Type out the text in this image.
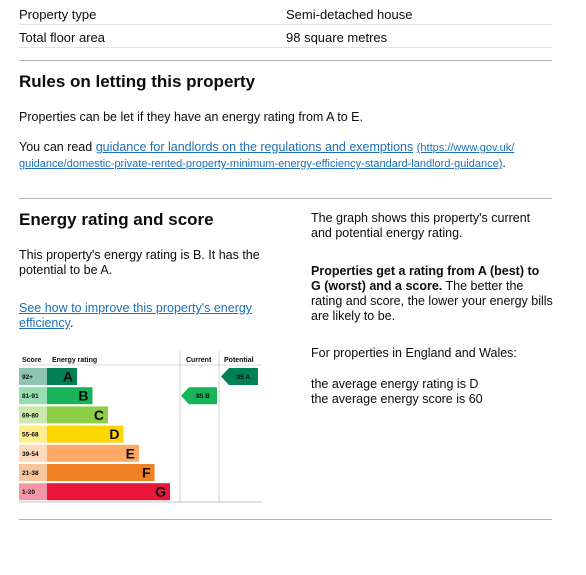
Property type	Semi-detached house
Total floor area	98 square metres
Rules on letting this property

Properties can be let if they have an energy rating from A to E.

You can read guidance for landlords on the regulations and exemptions (https://www.gov.uk/
guidance/domestic-private-rented-property-minimum-energy-efficiency-standard-landlord-guidance).
Energy rating and score
This property's energy rating is B. It has the
potential to be A.
See how to improve this property's energy
efficiency.
The graph shows this property's current
and potential energy rating.
Properties get a rating from A (best) to
G (worst) and a score. The better the
rating and score, the lower your energy bills
are likely to be.

For properties in England and Wales:

the average energy rating is D
the average energy score is 60
Score Energy rating	Current Potential
92+ A
81-91	B
69-80	C
55-68	D
39-54	E
21-38	F
1-20	G
85 B
95 A
